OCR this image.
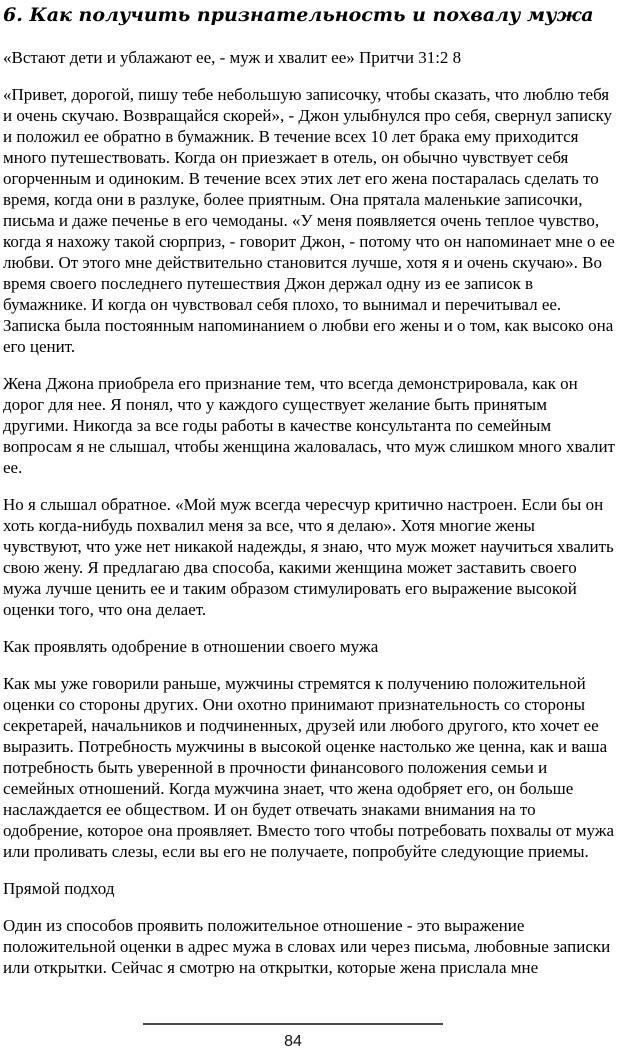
6. Как получить признательность и похвалу мужа

«Встают дети и ублажают ее, - муж и хвалит ее» Притчи 31:2 8

«Привет, дорогой, пишу тебе небольшую записочку, чтобы сказать, что люблю тебя и очень скучаю. Возвращайся скорей», - Джон улыбнулся про себя, свернул записку и положил ее обратно в бумажник. В течение всех 10 лет брака ему приходится много путешествовать. Когда он приезжает в отель, он обычно чувствует себя огорченным и одиноким. В течение всех этих лет его жена постаралась сделать то время, когда они в разлуке, более приятным. Она прятала маленькие записочки, письма и даже печенье в его чемоданы. «У меня появляется очень теплое чувство, когда я нахожу такой сюрприз, - говорит Джон, - потому что он напоминает мне о ее любви. От этого мне действительно становится лучше, хотя я и очень скучаю». Во время своего последнего путешествия Джон держал одну из ее записок в бумажнике. И когда он чувствовал себя плохо, то вынимал и перечитывал ее. Записка была постоянным напоминанием о любви его жены и о том, как высоко она его ценит.

Жена Джона приобрела его признание тем, что всегда демонстрировала, как он дорог для нее. Я понял, что у каждого существует желание быть принятым другими. Никогда за все годы работы в качестве консультанта по семейным вопросам я не слышал, чтобы женщина жаловалась, что муж слишком много хвалит ее.

Но я слышал обратное. «Мой муж всегда чересчур критично настроен. Если бы он хоть когда-нибудь похвалил меня за все, что я делаю». Хотя многие жены чувствуют, что уже нет никакой надежды, я знаю, что муж может научиться хвалить свою жену. Я предлагаю два способа, какими женщина может заставить своего мужа лучше ценить ее и таким образом стимулировать его выражение высокой оценки того, что она делает.

Как проявлять одобрение в отношении своего мужа

Как мы уже говорили раньше, мужчины стремятся к получению положительной оценки со стороны других. Они охотно принимают признательность со стороны секретарей, начальников и подчиненных, друзей или любого другого, кто хочет ее выразить. Потребность мужчины в высокой оценке настолько же ценна, как и ваша потребность быть уверенной в прочности финансового положения семьи и семейных отношений. Когда мужчина знает, что жена одобряет его, он больше наслаждается ее обществом. И он будет отвечать знаками внимания на то одобрение, которое она проявляет. Вместо того чтобы потребовать похвалы от мужа или проливать слезы, если вы его не получаете, попробуйте следующие приемы.

Прямой подход

Один из способов проявить положительное отношение - это выражение положительной оценки в адрес мужа в словах или через письма, любовные записки или открытки. Сейчас я смотрю на открытки, которые жена прислала мне

84
